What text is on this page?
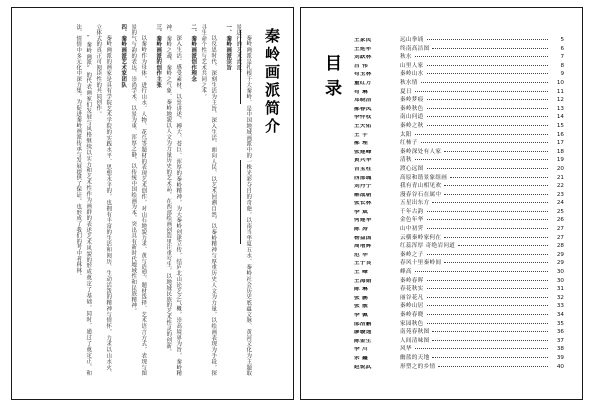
秦岭画派简介

秦岭画派是扎根于大秦岭、是中国地域画派中的一株光彩夺目的奇葩。以南当华夏五水、秦岭社会历史底蕴文脉、黄河文化为主题取景进行的艺术流派。

一、秦岭画派宗旨

以反思时代、深刻生活为主旨，深入生活、面向人民、以艺术回溯自然，以秦岭精神与厚重历史人文为力量，以绘画表现为手段，探寻生命个性与艺术共同之本。

二、秦岭画派创作理念

深入生活、感受素材、以景讲述、搏大、苍巨、浑厚的秦岭精神，为大秦岭创建立传，结庐北山论艺之气概，崇高境界为旨，秦岭精神、秦岭之魂、秦岭之气象、秦岭地貌以人文为力量历史的艺术品，在西部绘画创造里注重写生，以地域民族的艺术性灵的创新。

三、秦岭画派的创作主张

以秦岭作为母体，进行山水、人物、花鸟等题材的表现艺术创作，对山石地貌力求、黄与造型、题材选择、艺术语言方式，表现与图景的气与韵的表达，崇尚学术、以景为重、浑厚之静，以传统中国绘画为本，突出具有新时代地域性和民族精神。

四、秦岭画派艺术家团队

秦岭画派的画家是具有学院艺术学院的实践水平、思想水平的，也拥有丰富的生活和阅历、生动活泼的精神与情怀，力求以山水火、立体式的真正可阅读性的共同创作。

“秦岭画派”的代表画家们发展与风格继续以实力和艺术性作为画群的表述艺术风貌的形成奠定了基础。同时，通过了奠定正，和法、情情中多元化中深力集，为促进秦岭画派传承与发展提供了保证。也形成了我们的考中者林林。	目录
王家民	远山拳诵	5
王延年	终南高洁图	6
刘跃林	秋水	7
吕 伟	山里人家	8
苟玉林	秦岭山水	9
董红方	秋水情	10
苟 琳	夏日	11
邓晓洁	秦岭梦痕	12
郝春凤	秦岭秋色	13
李仲权	南山问道	14
王天佑	秦岭之秋	15
王 宇	太阳	16
郝 理	红柿子	17
张建峰	秦岭深处有人家	18
黄兴华	清秋	19
吉宝柱	渡心远图	20
西部魂	高原和谐景象组画	21
刘丹宁	我有青山相见欢	22
解战朝	漫春谷石在属中	23
张长林	五星出东方	24
李 斌	千年古韵	25
何建华	金色年华	26
陈 涛	山中初霁	27
杨益国	云横秦岭家何在	27
周增辉	红蕊浑厚 奇绝岩问道	28
范 华	秦岭之子	29
王子良	春风十里秦岭间	29
王 峰	峰高	30
王海娟	秦岭春晖	30
陈 琳	春花秋实	31
张 鹏	丽谷花凡	32
张 靓	秦岭山居	33
李 佩	秦岭春晓	34
邵浩鹏	家园秋色	35
廖璇逸	南苑春秋图	36
陈金生	人间清味图	37
李 川	风华	38
余 鑫	幽蓝的天地	39
赵锐武	形塑之的乡情	40
